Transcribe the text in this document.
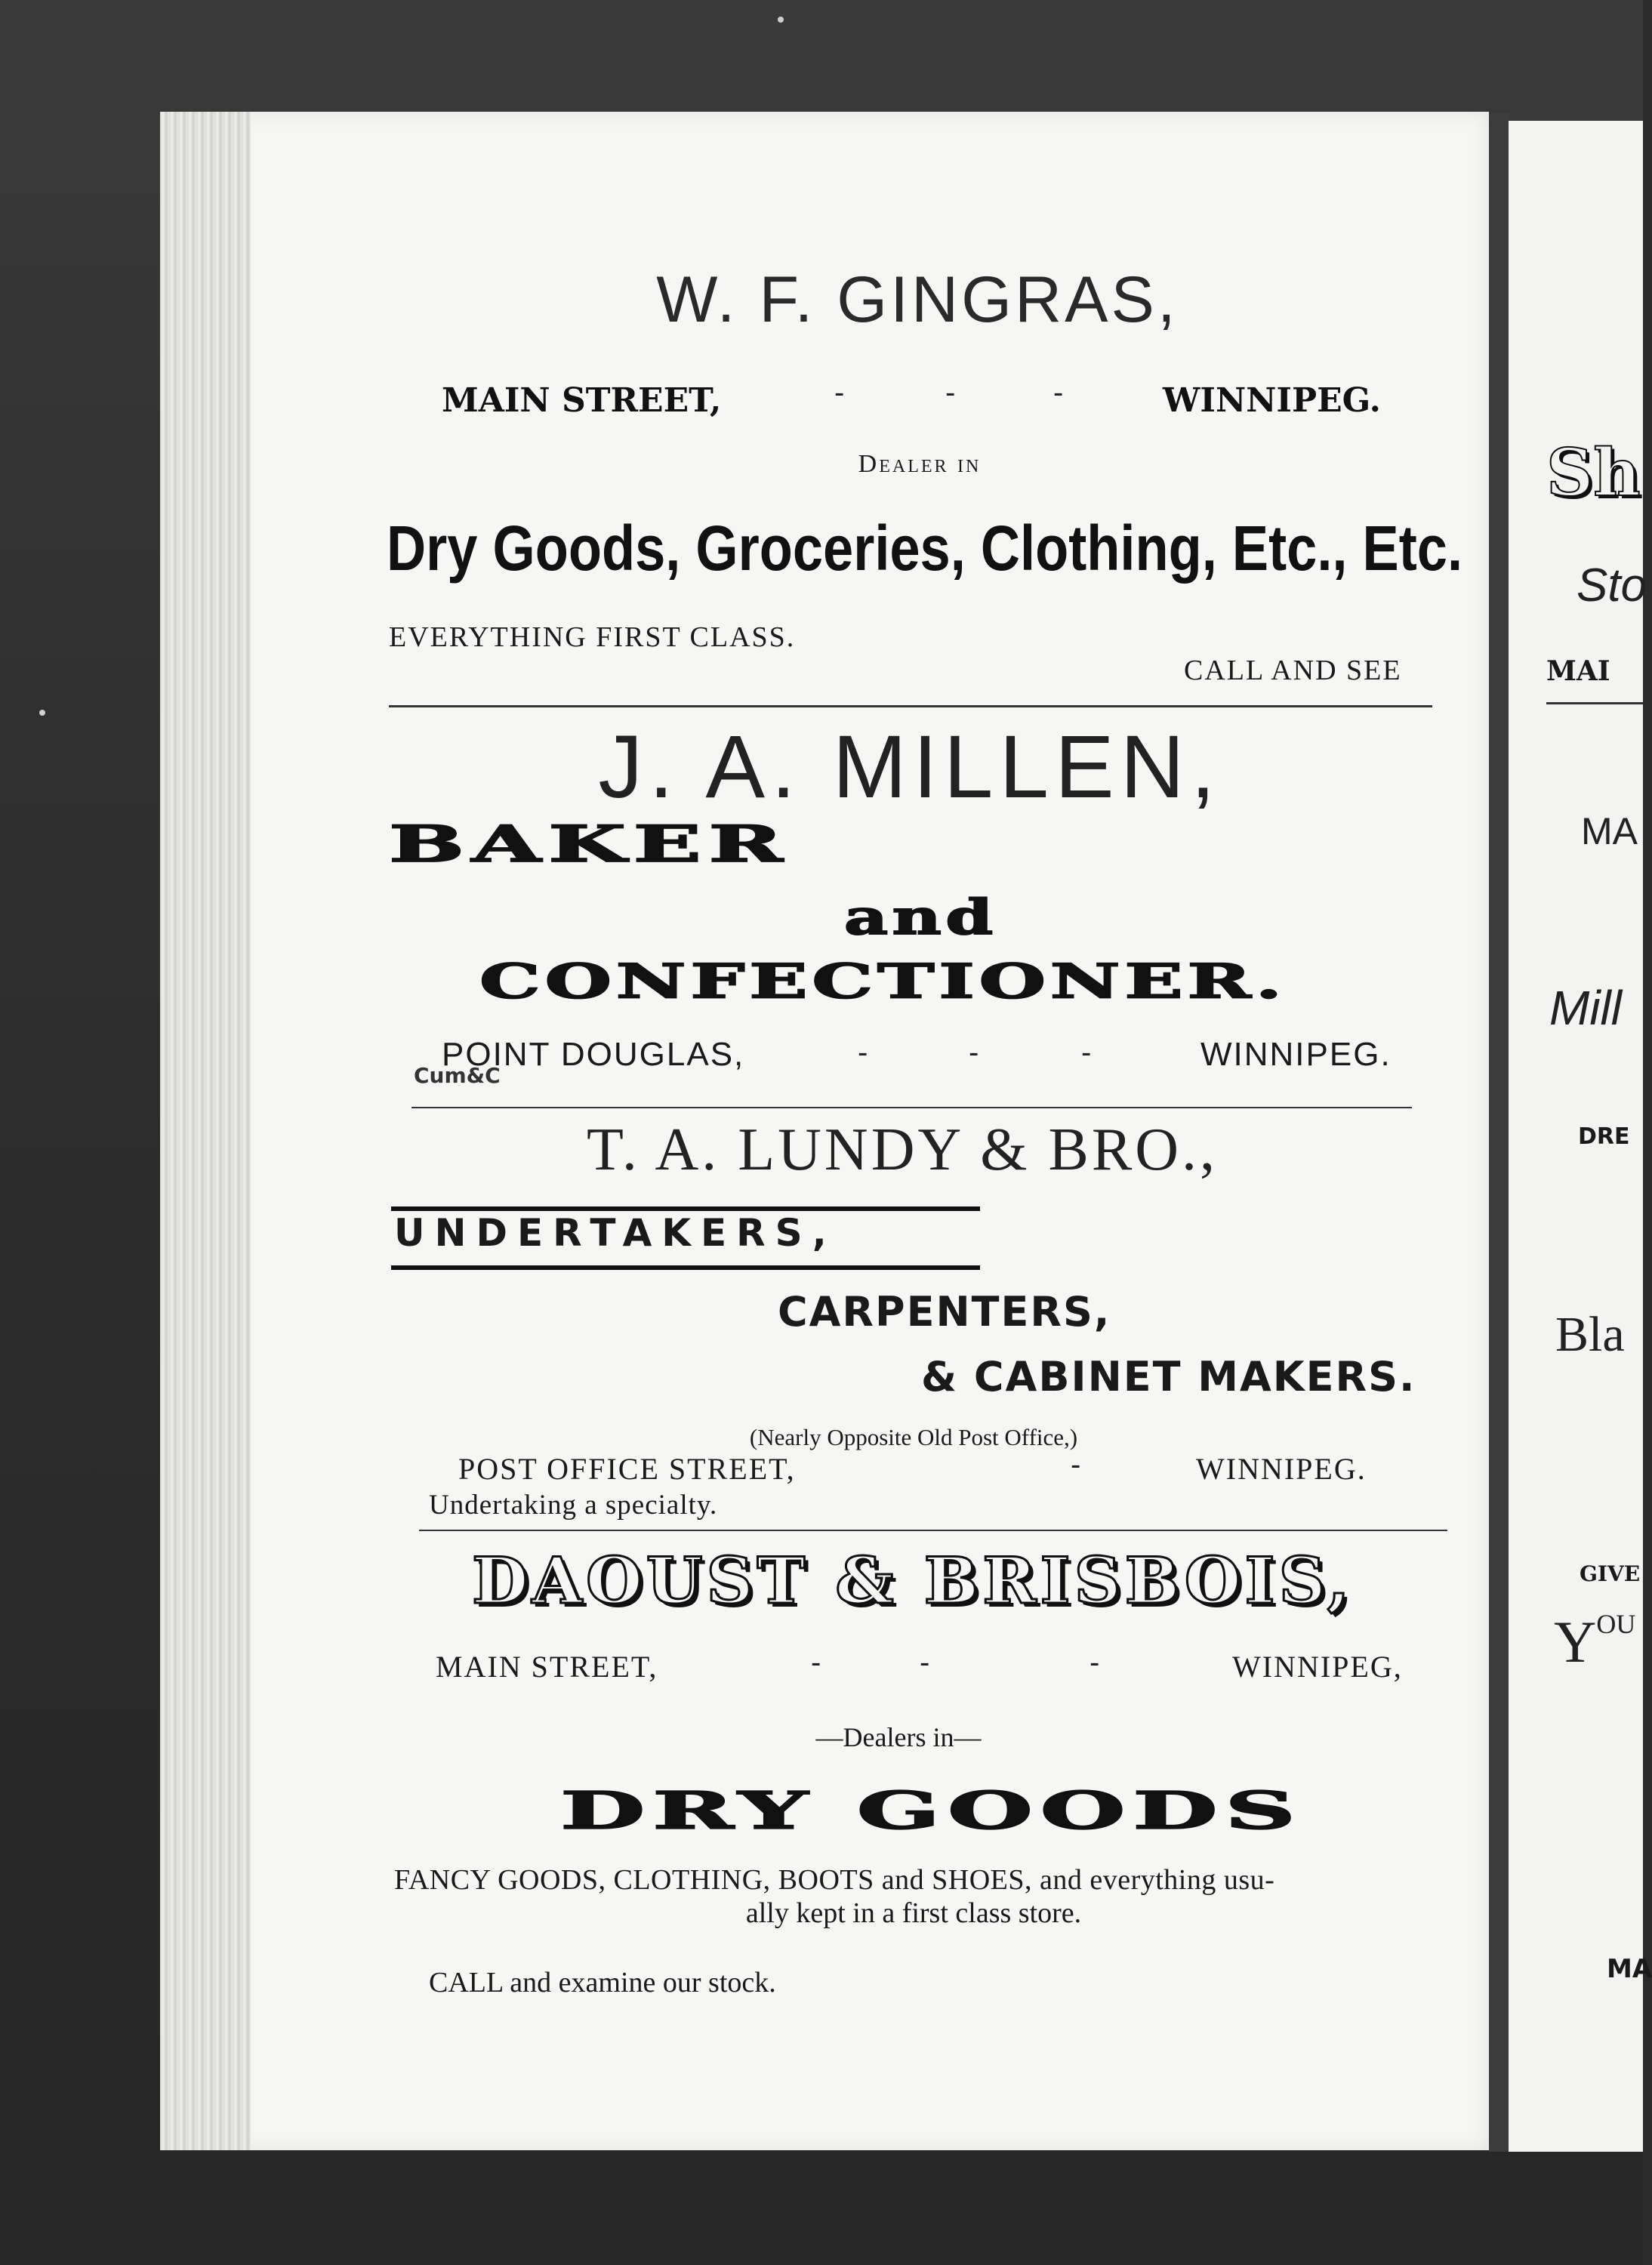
W. F. GINGRAS,
MAIN STREET,	-	-	-	WINNIPEG.
Dealer in
Dry Goods, Groceries, Clothing, Etc., Etc.
EVERYTHING FIRST CLASS.
CALL AND SEE
J. A. MILLEN,
BAKER
and
CONFECTIONER.
POINT DOUGLAS,	-	-	-	WINNIPEG.
Cum&C
T. A. LUNDY & BRO.,
UNDERTAKERS,
CARPENTERS,
& CABINET MAKERS.
(Nearly Opposite Old Post Office,)
POST OFFICE STREET,	-	WINNIPEG.
Undertaking a specialty.
DAOUST & BRISBOIS,
MAIN STREET,	-	-	-	WINNIPEG,
—Dealers in—
DRY GOODS
FANCY GOODS, CLOTHING, BOOTS and SHOES, and everything usu-
ally kept in a first class store.
CALL and examine our stock.
Sh
Sto
MAI
MA
Mill
DRE
Bla
GIVE
$Y^{OU}$
MA
